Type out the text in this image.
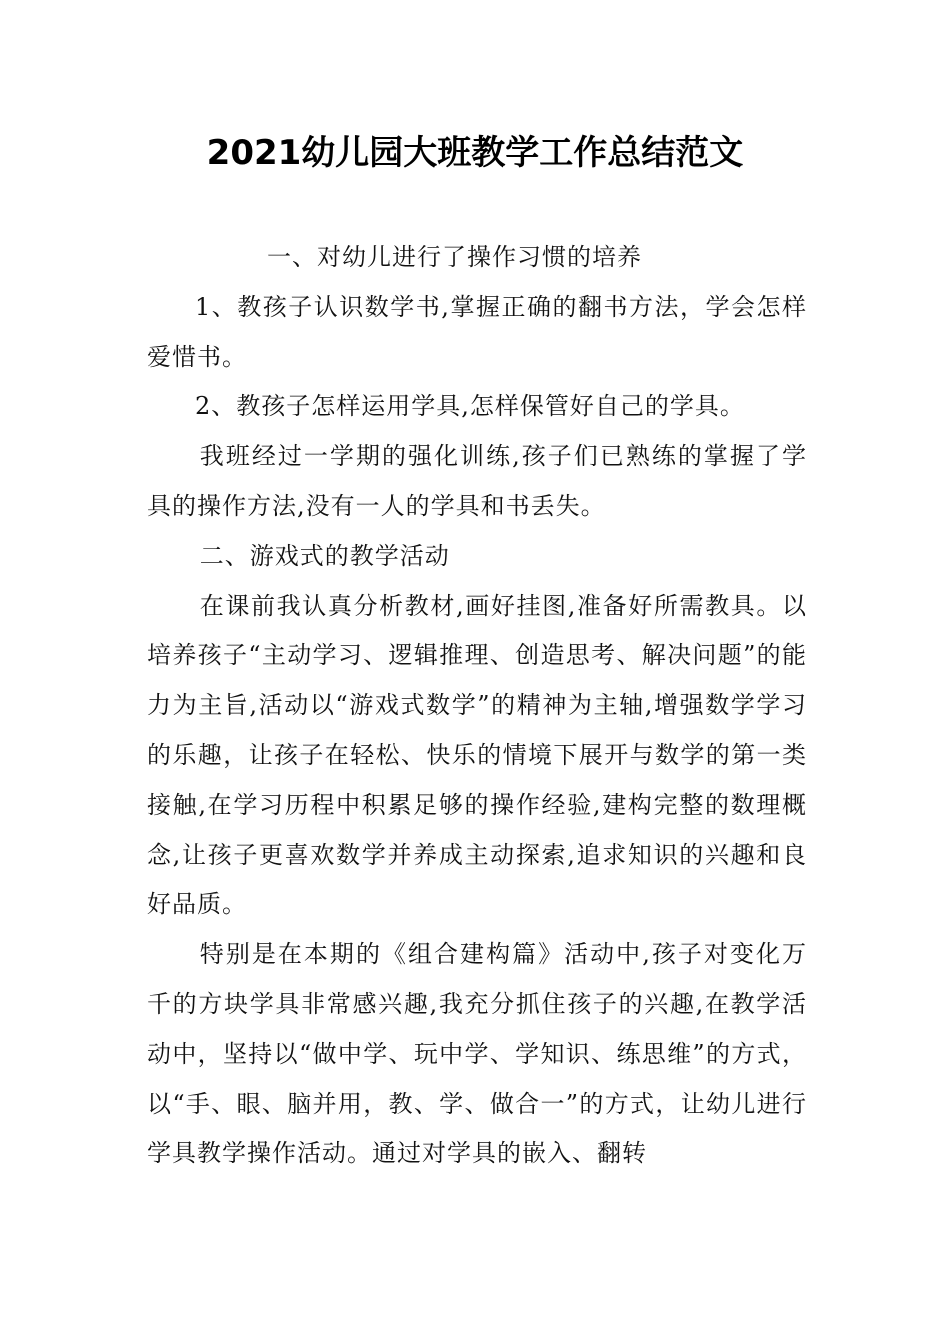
2021幼儿园大班教学工作总结范文

一、对幼儿进行了操作习惯的培养

1、教孩子认识数学书,掌握正确的翻书方法，学会怎样爱惜书。

2、教孩子怎样运用学具,怎样保管好自己的学具。

我班经过一学期的强化训练,孩子们已熟练的掌握了学具的操作方法,没有一人的学具和书丢失。

二、游戏式的教学活动

在课前我认真分析教材,画好挂图,准备好所需教具。以培养孩子“主动学习、逻辑推理、创造思考、解决问题”的能力为主旨,活动以“游戏式数学”的精神为主轴,增强数学学习的乐趣，让孩子在轻松、快乐的情境下展开与数学的第一类接触,在学习历程中积累足够的操作经验,建构完整的数理概念,让孩子更喜欢数学并养成主动探索,追求知识的兴趣和良好品质。

特别是在本期的《组合建构篇》活动中,孩子对变化万千的方块学具非常感兴趣,我充分抓住孩子的兴趣,在教学活动中，坚持以“做中学、玩中学、学知识、练思维”的方式，以“手、眼、脑并用，教、学、做合一”的方式，让幼儿进行学具教学操作活动。通过对学具的嵌入、翻转
